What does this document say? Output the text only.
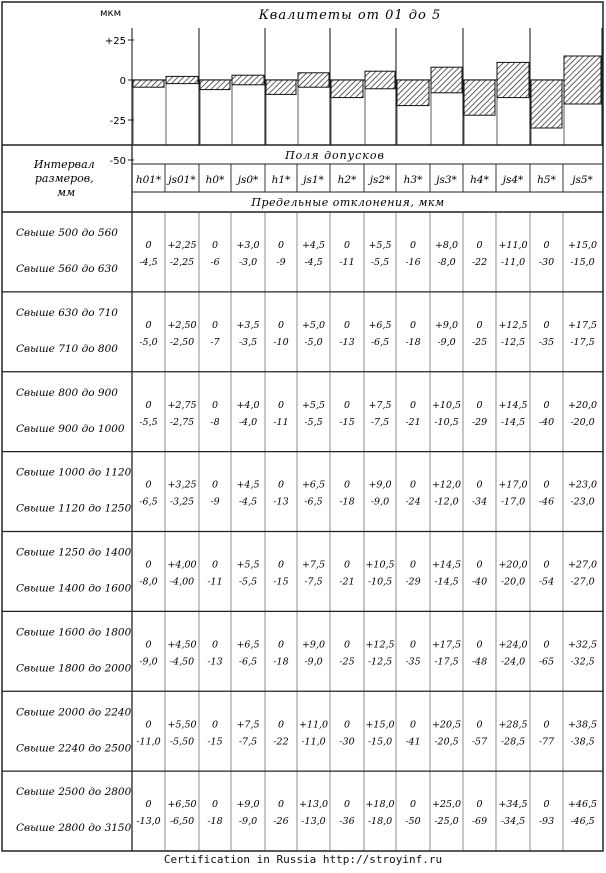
Квалитеты от 01 до 5
мкм
+25
0
-25
-50
Интервал размеров, мм
Поля допусков
Предельные отклонения, мкм
h01* js01* h0* js0* h1* js1* h2* js2* h3* js3* h4* js4* h5* js5*
Свыше 500 до 560
Свыше 560 до 630
0
-4,5
+2,25
-2,25
0
-6
+3,0
-3,0
0
-9
+4,5
-4,5
0
-11
+5,5
-5,5
0
-16
+8,0
-8,0
0
-22
+11,0
-11,0
0
-30
+15,0
-15,0
Свыше 630 до 710
Свыше 710 до 800
0
-5,0
+2,50
-2,50
0
-7
+3,5
-3,5
0
-10
+5,0
-5,0
0
-13
+6,5
-6,5
0
-18
+9,0
-9,0
0
-25
+12,5
-12,5
0
-35
+17,5
-17,5
Свыше 800 до 900
Свыше 900 до 1000
0
-5,5
+2,75
-2,75
0
-8
+4,0
-4,0
0
-11
+5,5
-5,5
0
-15
+7,5
-7,5
0
-21
+10,5
-10,5
0
-29
+14,5
-14,5
0
-40
+20,0
-20,0
Свыше 1000 до 1120
Свыше 1120 до 1250
0
-6,5
+3,25
-3,25
0
-9
+4,5
-4,5
0
-13
+6,5
-6,5
0
-18
+9,0
-9,0
0
-24
+12,0
-12,0
0
-34
+17,0
-17,0
0
-46
+23,0
-23,0
Свыше 1250 до 1400
Свыше 1400 до 1600
0
-8,0
+4,00
-4,00
0
-11
+5,5
-5,5
0
-15
+7,5
-7,5
0
-21
+10,5
-10,5
0
-29
+14,5
-14,5
0
-40
+20,0
-20,0
0
-54
+27,0
-27,0
Свыше 1600 до 1800
Свыше 1800 до 2000
0
-9,0
+4,50
-4,50
0
-13
+6,5
-6,5
0
-18
+9,0
-9,0
0
-25
+12,5
-12,5
0
-35
+17,5
-17,5
0
-48
+24,0
-24,0
0
-65
+32,5
-32,5
Свыше 2000 до 2240
Свыше 2240 до 2500
0
-11,0
+5,50
-5,50
0
-15
+7,5
-7,5
0
-22
+11,0
-11,0
0
-30
+15,0
-15,0
0
-41
+20,5
-20,5
0
-57
+28,5
-28,5
0
-77
+38,5
-38,5
Свыше 2500 до 2800
Свыше 2800 до 3150
0
-13,0
+6,50
-6,50
0
-18
+9,0
-9,0
0
-26
+13,0
-13,0
0
-36
+18,0
-18,0
0
-50
+25,0
-25,0
0
-69
+34,5
-34,5
0
-93
+46,5
-46,5
Certification in Russia http://stroyinf.ru
